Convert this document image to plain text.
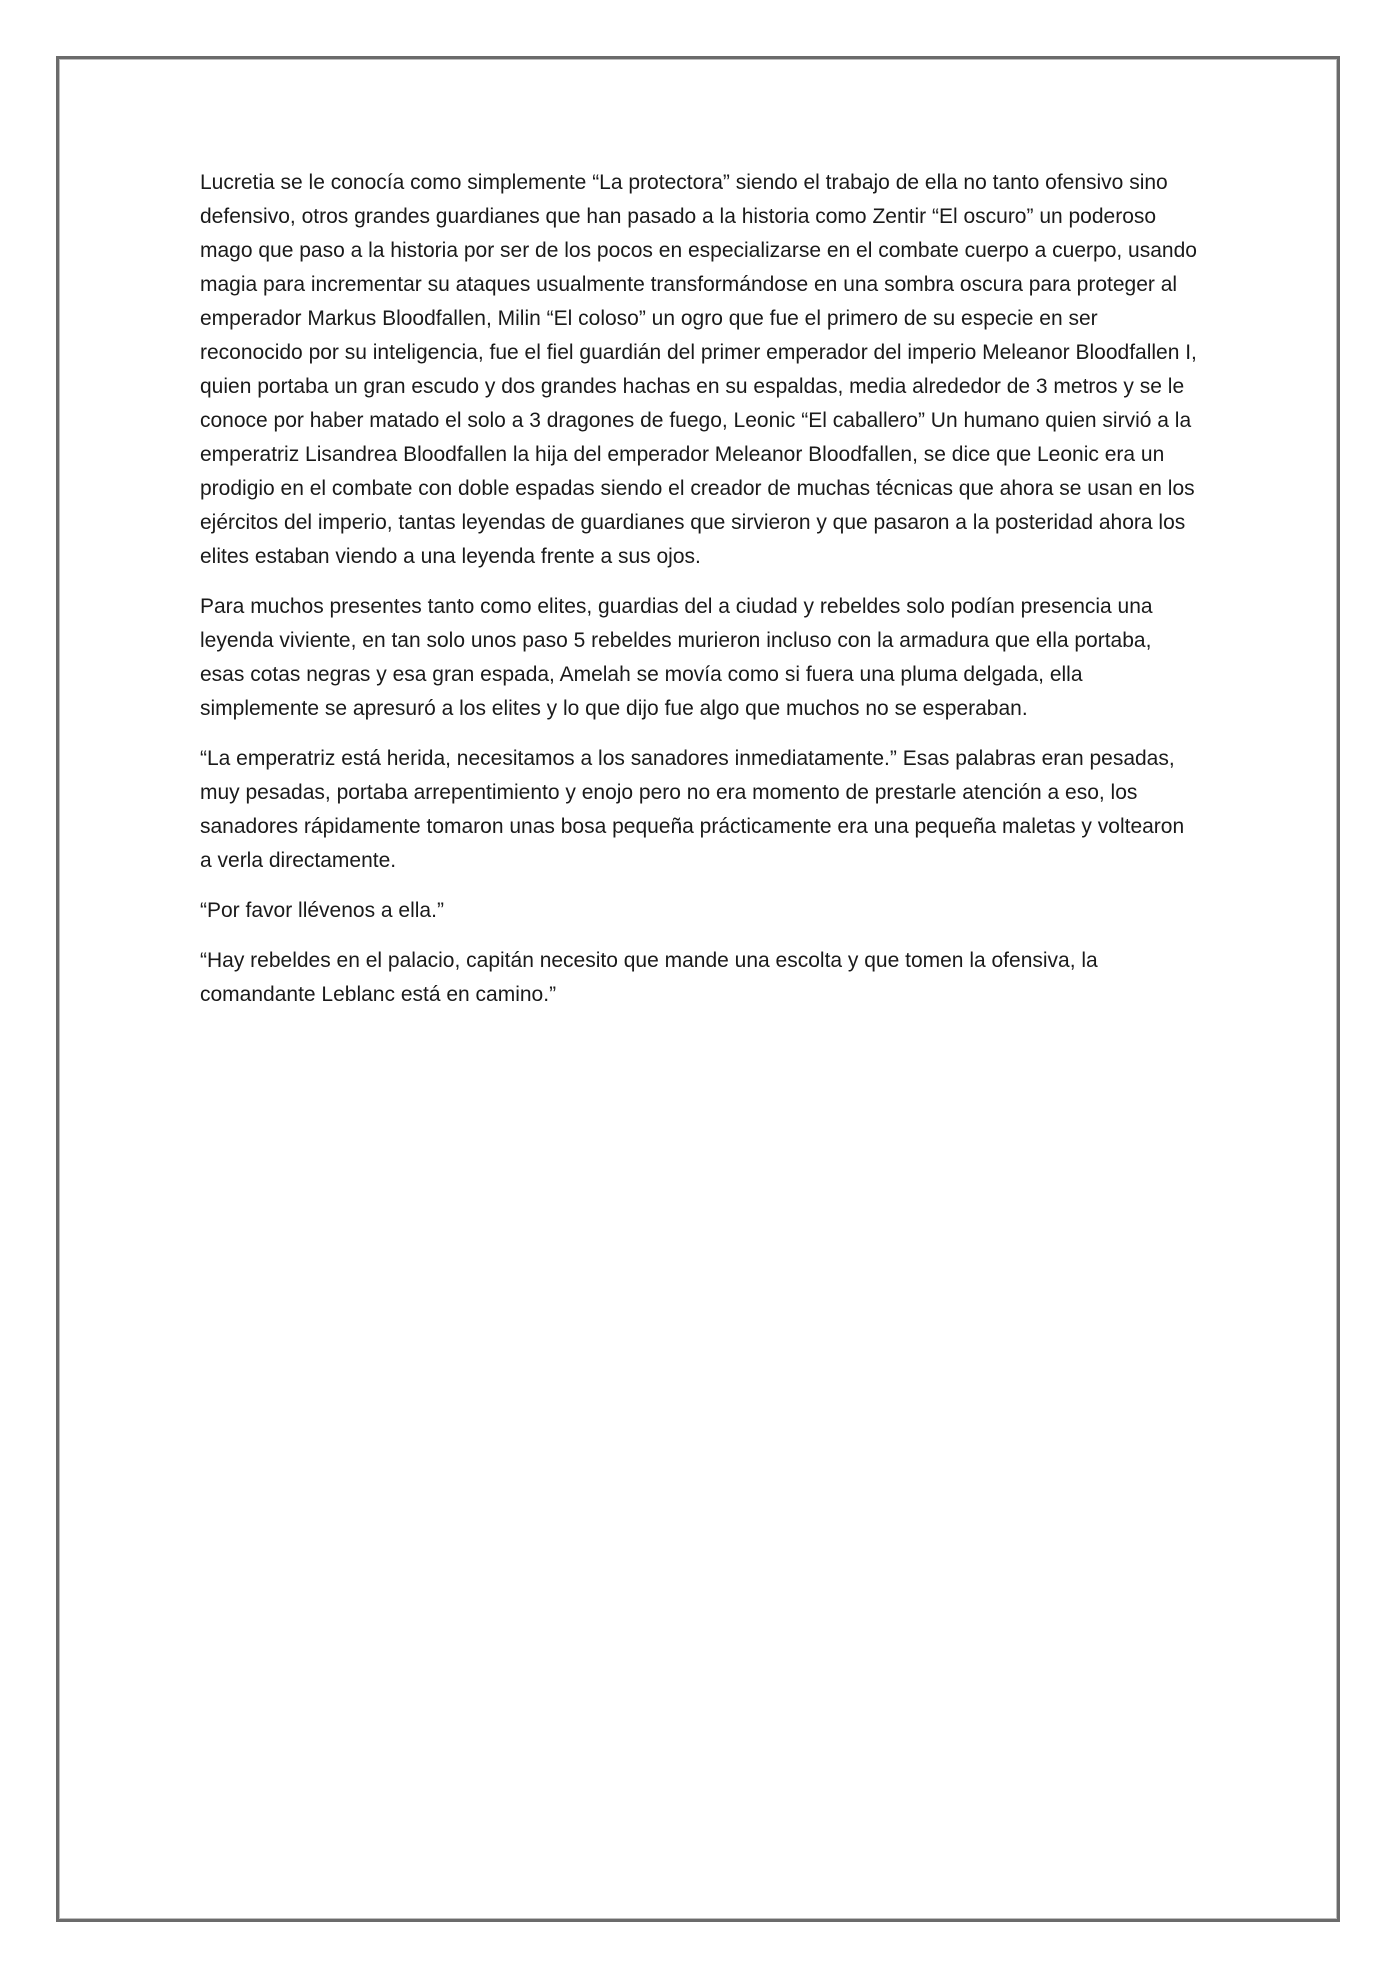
Lucretia se le conocía como simplemente “La protectora” siendo el trabajo de ella no tanto ofensivo sino defensivo, otros grandes guardianes que han pasado a la historia como Zentir “El oscuro” un poderoso mago que paso a la historia por ser de los pocos en especializarse en el combate cuerpo a cuerpo, usando magia para incrementar su ataques usualmente transformándose en una sombra oscura para proteger al emperador Markus Bloodfallen, Milin “El coloso” un ogro que fue el primero de su especie en ser reconocido por su inteligencia, fue el fiel guardián del primer emperador del imperio Meleanor Bloodfallen I, quien portaba un gran escudo y dos grandes hachas en su espaldas, media alrededor de 3 metros y se le conoce por haber matado el solo a 3 dragones de fuego, Leonic “El caballero” Un humano quien sirvió a la emperatriz Lisandrea Bloodfallen la hija del emperador Meleanor Bloodfallen, se dice que Leonic era un prodigio en el combate con doble espadas siendo el creador de muchas técnicas que ahora se usan en los ejércitos del imperio, tantas leyendas de guardianes que sirvieron y que pasaron a la posteridad ahora los elites estaban viendo a una leyenda frente a sus ojos.

Para muchos presentes tanto como elites, guardias del a ciudad y rebeldes solo podían presencia una leyenda viviente, en tan solo unos paso 5 rebeldes murieron incluso con la armadura que ella portaba, esas cotas negras y esa gran espada, Amelah se movía como si fuera una pluma delgada, ella simplemente se apresuró a los elites y lo que dijo fue algo que muchos no se esperaban.

“La emperatriz está herida, necesitamos a los sanadores inmediatamente.” Esas palabras eran pesadas, muy pesadas, portaba arrepentimiento y enojo pero no era momento de prestarle atención a eso, los sanadores rápidamente tomaron unas bosa pequeña prácticamente era una pequeña maletas y voltearon a verla directamente.

“Por favor llévenos a ella.”

“Hay rebeldes en el palacio, capitán necesito que mande una escolta y que tomen la ofensiva, la comandante Leblanc está en camino.”
